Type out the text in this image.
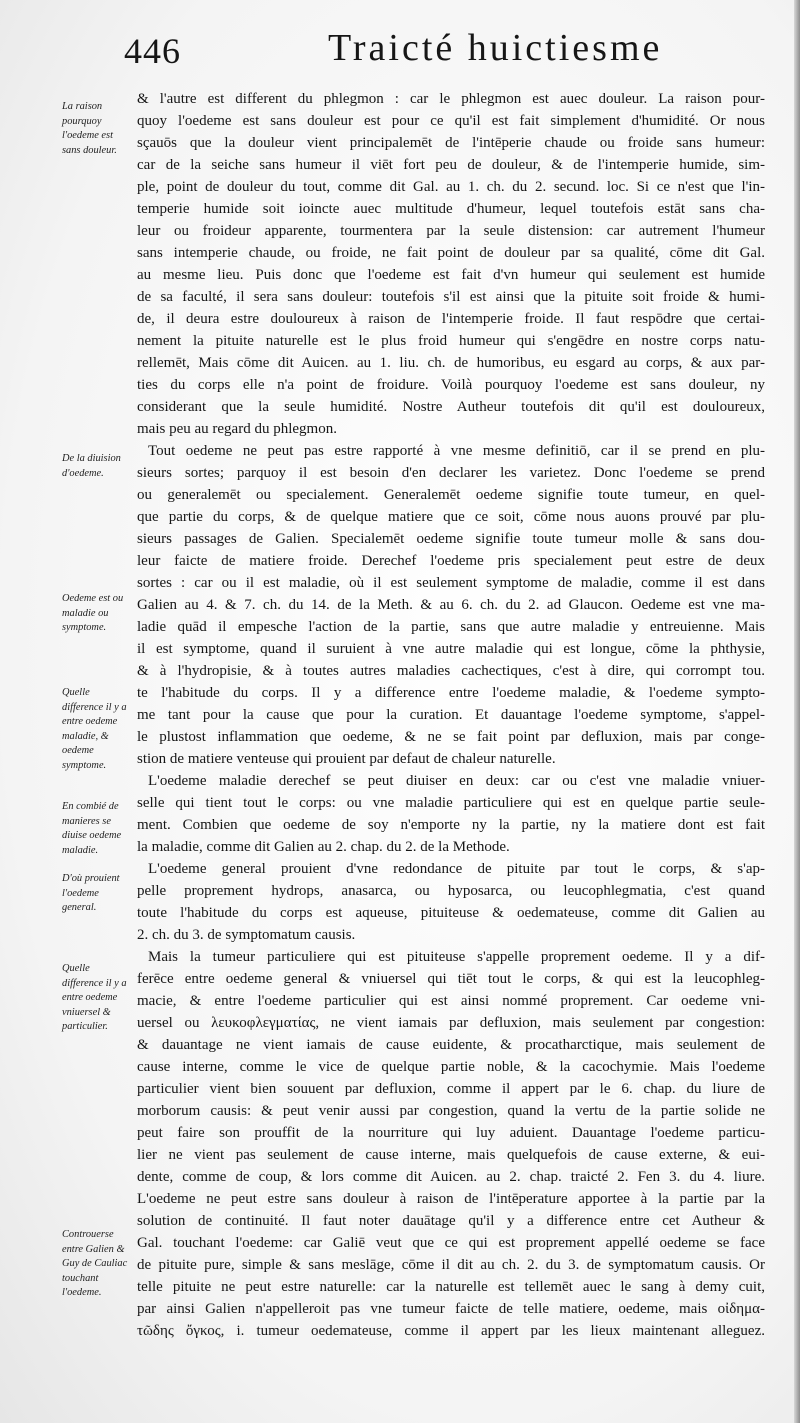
446	Traicté huictiesme
La raison pourquoy l'oedeme est sans douleur.
De la diuision d'oedeme.
Oedeme est ou maladie ou symptome.
Quelle difference il y a entre oedeme maladie, & oedeme symptome.
En combié de manieres se diuise oedeme maladie.
D'où prouient l'oedeme general.
Quelle difference il y a entre oedeme vniuersel & particulier.
Controuerse entre Galien & Guy de Cauliac touchant l'oedeme.
& l'autre est different du phlegmon : car le phlegmon est auec douleur. La raison pour-
quoy l'oedeme est sans douleur est pour ce qu'il est fait simplement d'humidité. Or nous
sçauōs que la douleur vient principalemēt de l'intēperie chaude ou froide sans humeur:
car de la seiche sans humeur il viēt fort peu de douleur, & de l'intemperie humide, sim-
ple, point de douleur du tout, comme dit Gal. au 1. ch. du 2. secund. loc. Si ce n'est que l'in-
temperie humide soit ioincte auec multitude d'humeur, lequel toutefois estāt sans cha-
leur ou froideur apparente, tourmentera par la seule distension: car autrement l'humeur
sans intemperie chaude, ou froide, ne fait point de douleur par sa qualité, cōme dit Gal.
au mesme lieu. Puis donc que l'oedeme est fait d'vn humeur qui seulement est humide
de sa faculté, il sera sans douleur: toutefois s'il est ainsi que la pituite soit froide & humi-
de, il deura estre douloureux à raison de l'intemperie froide. Il faut respōdre que certai-
nement la pituite naturelle est le plus froid humeur qui s'engēdre en nostre corps natu-
rellemēt, Mais cōme dit Auicen. au 1. liu. ch. de humoribus, eu esgard au corps, & aux par-
ties du corps elle n'a point de froidure. Voilà pourquoy l'oedeme est sans douleur, ny
considerant que la seule humidité. Nostre Autheur toutefois dit qu'il est douloureux,
mais peu au regard du phlegmon.
Tout oedeme ne peut pas estre rapporté à vne mesme definitiō, car il se prend en plu-
sieurs sortes; parquoy il est besoin d'en declarer les varietez. Donc l'oedeme se prend
ou generalemēt ou specialement. Generalemēt oedeme signifie toute tumeur, en quel-
que partie du corps, & de quelque matiere que ce soit, cōme nous auons prouvé par plu-
sieurs passages de Galien. Specialemēt oedeme signifie toute tumeur molle & sans dou-
leur faicte de matiere froide. Derechef l'oedeme pris specialement peut estre de deux
sortes : car ou il est maladie, où il est seulement symptome de maladie, comme il est dans
Galien au 4. & 7. ch. du 14. de la Meth. & au 6. ch. du 2. ad Glaucon. Oedeme est vne ma-
ladie quād il empesche l'action de la partie, sans que autre maladie y entreuienne. Mais
il est symptome, quand il suruient à vne autre maladie qui est longue, cōme la phthysie,
& à l'hydropisie, & à toutes autres maladies cachectiques, c'est à dire, qui corrompt tou.
te l'habitude du corps. Il y a difference entre l'oedeme maladie, & l'oedeme sympto-
me tant pour la cause que pour la curation. Et dauantage l'oedeme symptome, s'appel-
le plustost inflammation que oedeme, & ne se fait point par defluxion, mais par conge-
stion de matiere venteuse qui prouient par defaut de chaleur naturelle.
L'oedeme maladie derechef se peut diuiser en deux: car ou c'est vne maladie vniuer-
selle qui tient tout le corps: ou vne maladie particuliere qui est en quelque partie seule-
ment. Combien que oedeme de soy n'emporte ny la partie, ny la matiere dont est fait
la maladie, comme dit Galien au 2. chap. du 2. de la Methode.
L'oedeme general prouient d'vne redondance de pituite par tout le corps, & s'ap-
pelle proprement hydrops, anasarca, ou hyposarca, ou leucophlegmatia, c'est quand
toute l'habitude du corps est aqueuse, pituiteuse & oedemateuse, comme dit Galien au
2. ch. du 3. de symptomatum causis.
Mais la tumeur particuliere qui est pituiteuse s'appelle proprement oedeme. Il y a dif-
ferēce entre oedeme general & vniuersel qui tiēt tout le corps, & qui est la leucophleg-
macie, & entre l'oedeme particulier qui est ainsi nommé proprement. Car oedeme vni-
uersel ou λευκοφλεγματίας, ne vient iamais par defluxion, mais seulement par congestion:
& dauantage ne vient iamais de cause euidente, & procatharctique, mais seulement de
cause interne, comme le vice de quelque partie noble, & la cacochymie. Mais l'oedeme
particulier vient bien souuent par defluxion, comme il appert par le 6. chap. du liure de
morborum causis: & peut venir aussi par congestion, quand la vertu de la partie solide ne
peut faire son prouffit de la nourriture qui luy aduient. Dauantage l'oedeme particu-
lier ne vient pas seulement de cause interne, mais quelquefois de cause externe, & eui-
dente, comme de coup, & lors comme dit Auicen. au 2. chap. traicté 2. Fen 3. du 4. liure.
L'oedeme ne peut estre sans douleur à raison de l'intēperature apportee à la partie par la
solution de continuité. Il faut noter dauātage qu'il y a difference entre cet Autheur &
Gal. touchant l'oedeme: car Galiē veut que ce qui est proprement appellé oedeme se face
de pituite pure, simple & sans meslāge, cōme il dit au ch. 2. du 3. de symptomatum causis. Or
telle pituite ne peut estre naturelle: car la naturelle est tellemēt auec le sang à demy cuit,
par ainsi Galien n'appelleroit pas vne tumeur faicte de telle matiere, oedeme, mais οἰδημα-
τῶδης ὄγκος, i. tumeur oedemateuse, comme il appert par les lieux maintenant alleguez.
